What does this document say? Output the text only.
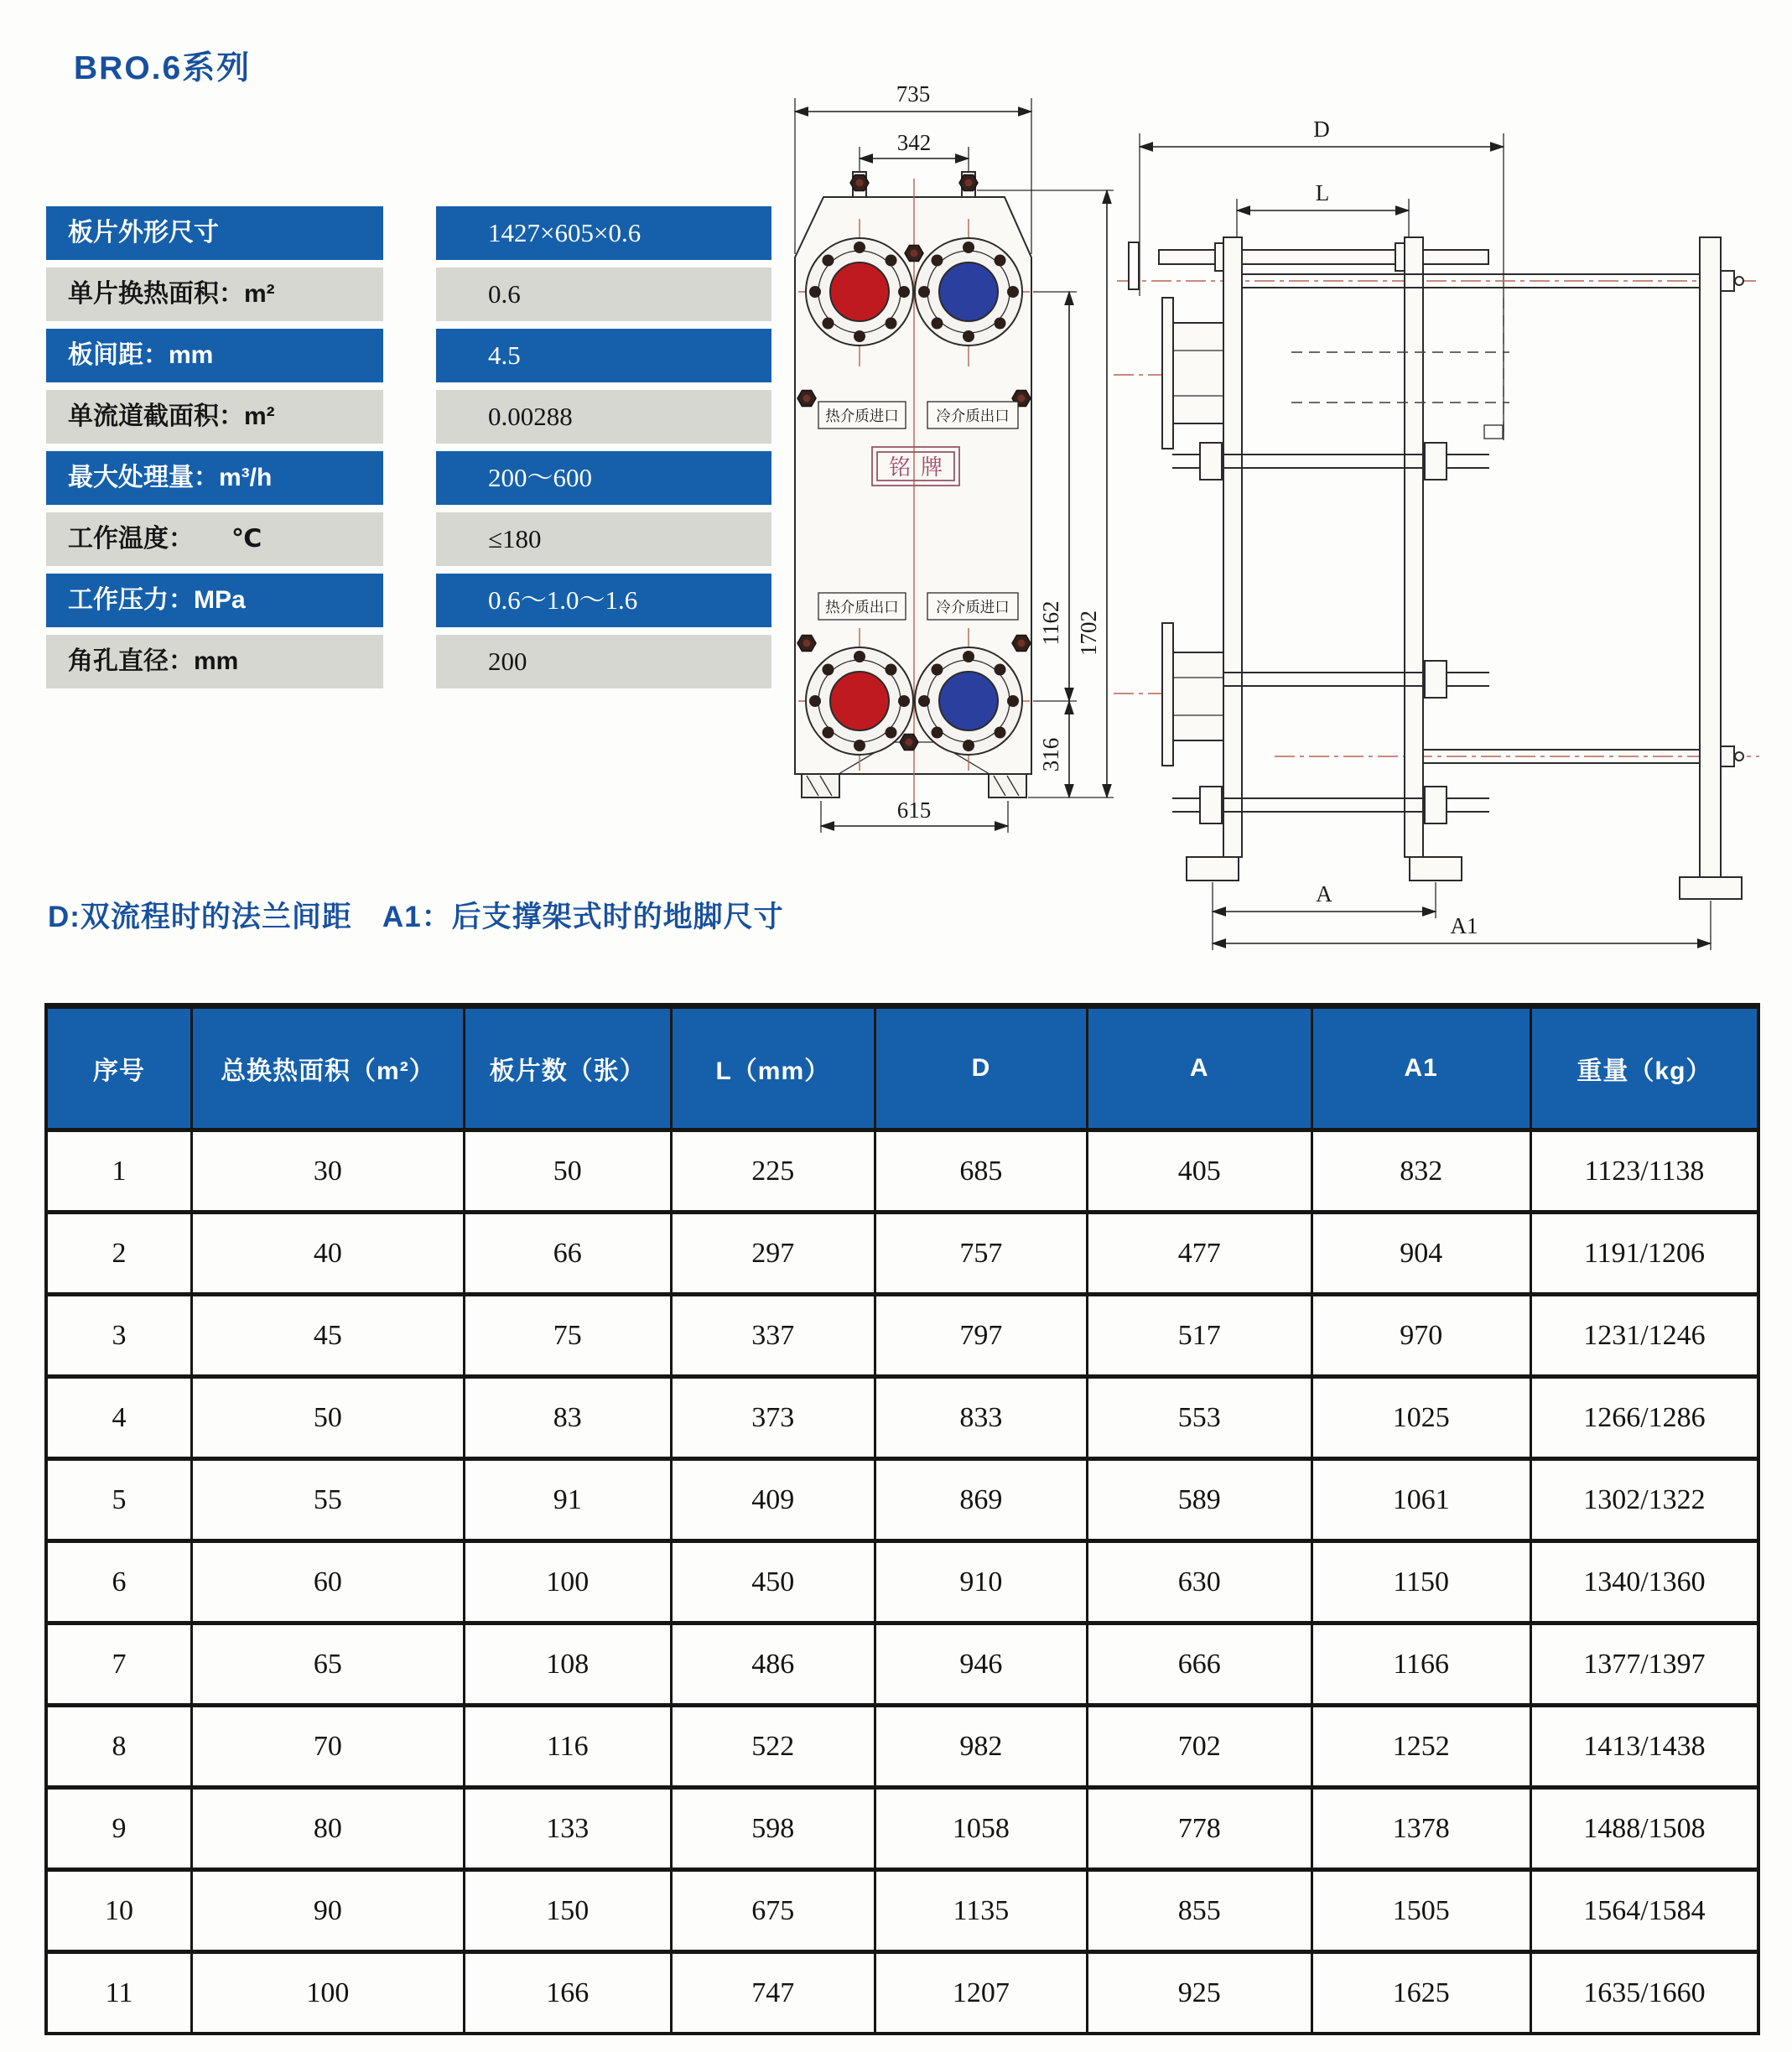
BRO.6系列
板片外形尺寸	1427×605×0.6
单片换热面积：m²	0.6
板间距：mm	4.5
单流道截面积：m²	0.00288
最大处理量：m³/h	200～600
工作温度：　　℃	≤180
工作压力：MPa	0.6～1.0～1.6
角孔直径：mm	200
735
342
热介质进口	冷介质出口
热介质出口	冷介质进口
铭牌
1162
316
1702
615
D
L
A
A1

D:双流程时的法兰间距　A1：后支撑架式时的地脚尺寸

序号	总换热面积（m²）	板片数（张）	L（mm）	D	A	A1	重量（kg）
1	30	50	225	685	405	832	1123/1138
2	40	66	297	757	477	904	1191/1206
3	45	75	337	797	517	970	1231/1246
4	50	83	373	833	553	1025	1266/1286
5	55	91	409	869	589	1061	1302/1322
6	60	100	450	910	630	1150	1340/1360
7	65	108	486	946	666	1166	1377/1397
8	70	116	522	982	702	1252	1413/1438
9	80	133	598	1058	778	1378	1488/1508
10	90	150	675	1135	855	1505	1564/1584
11	100	166	747	1207	925	1625	1635/1660
